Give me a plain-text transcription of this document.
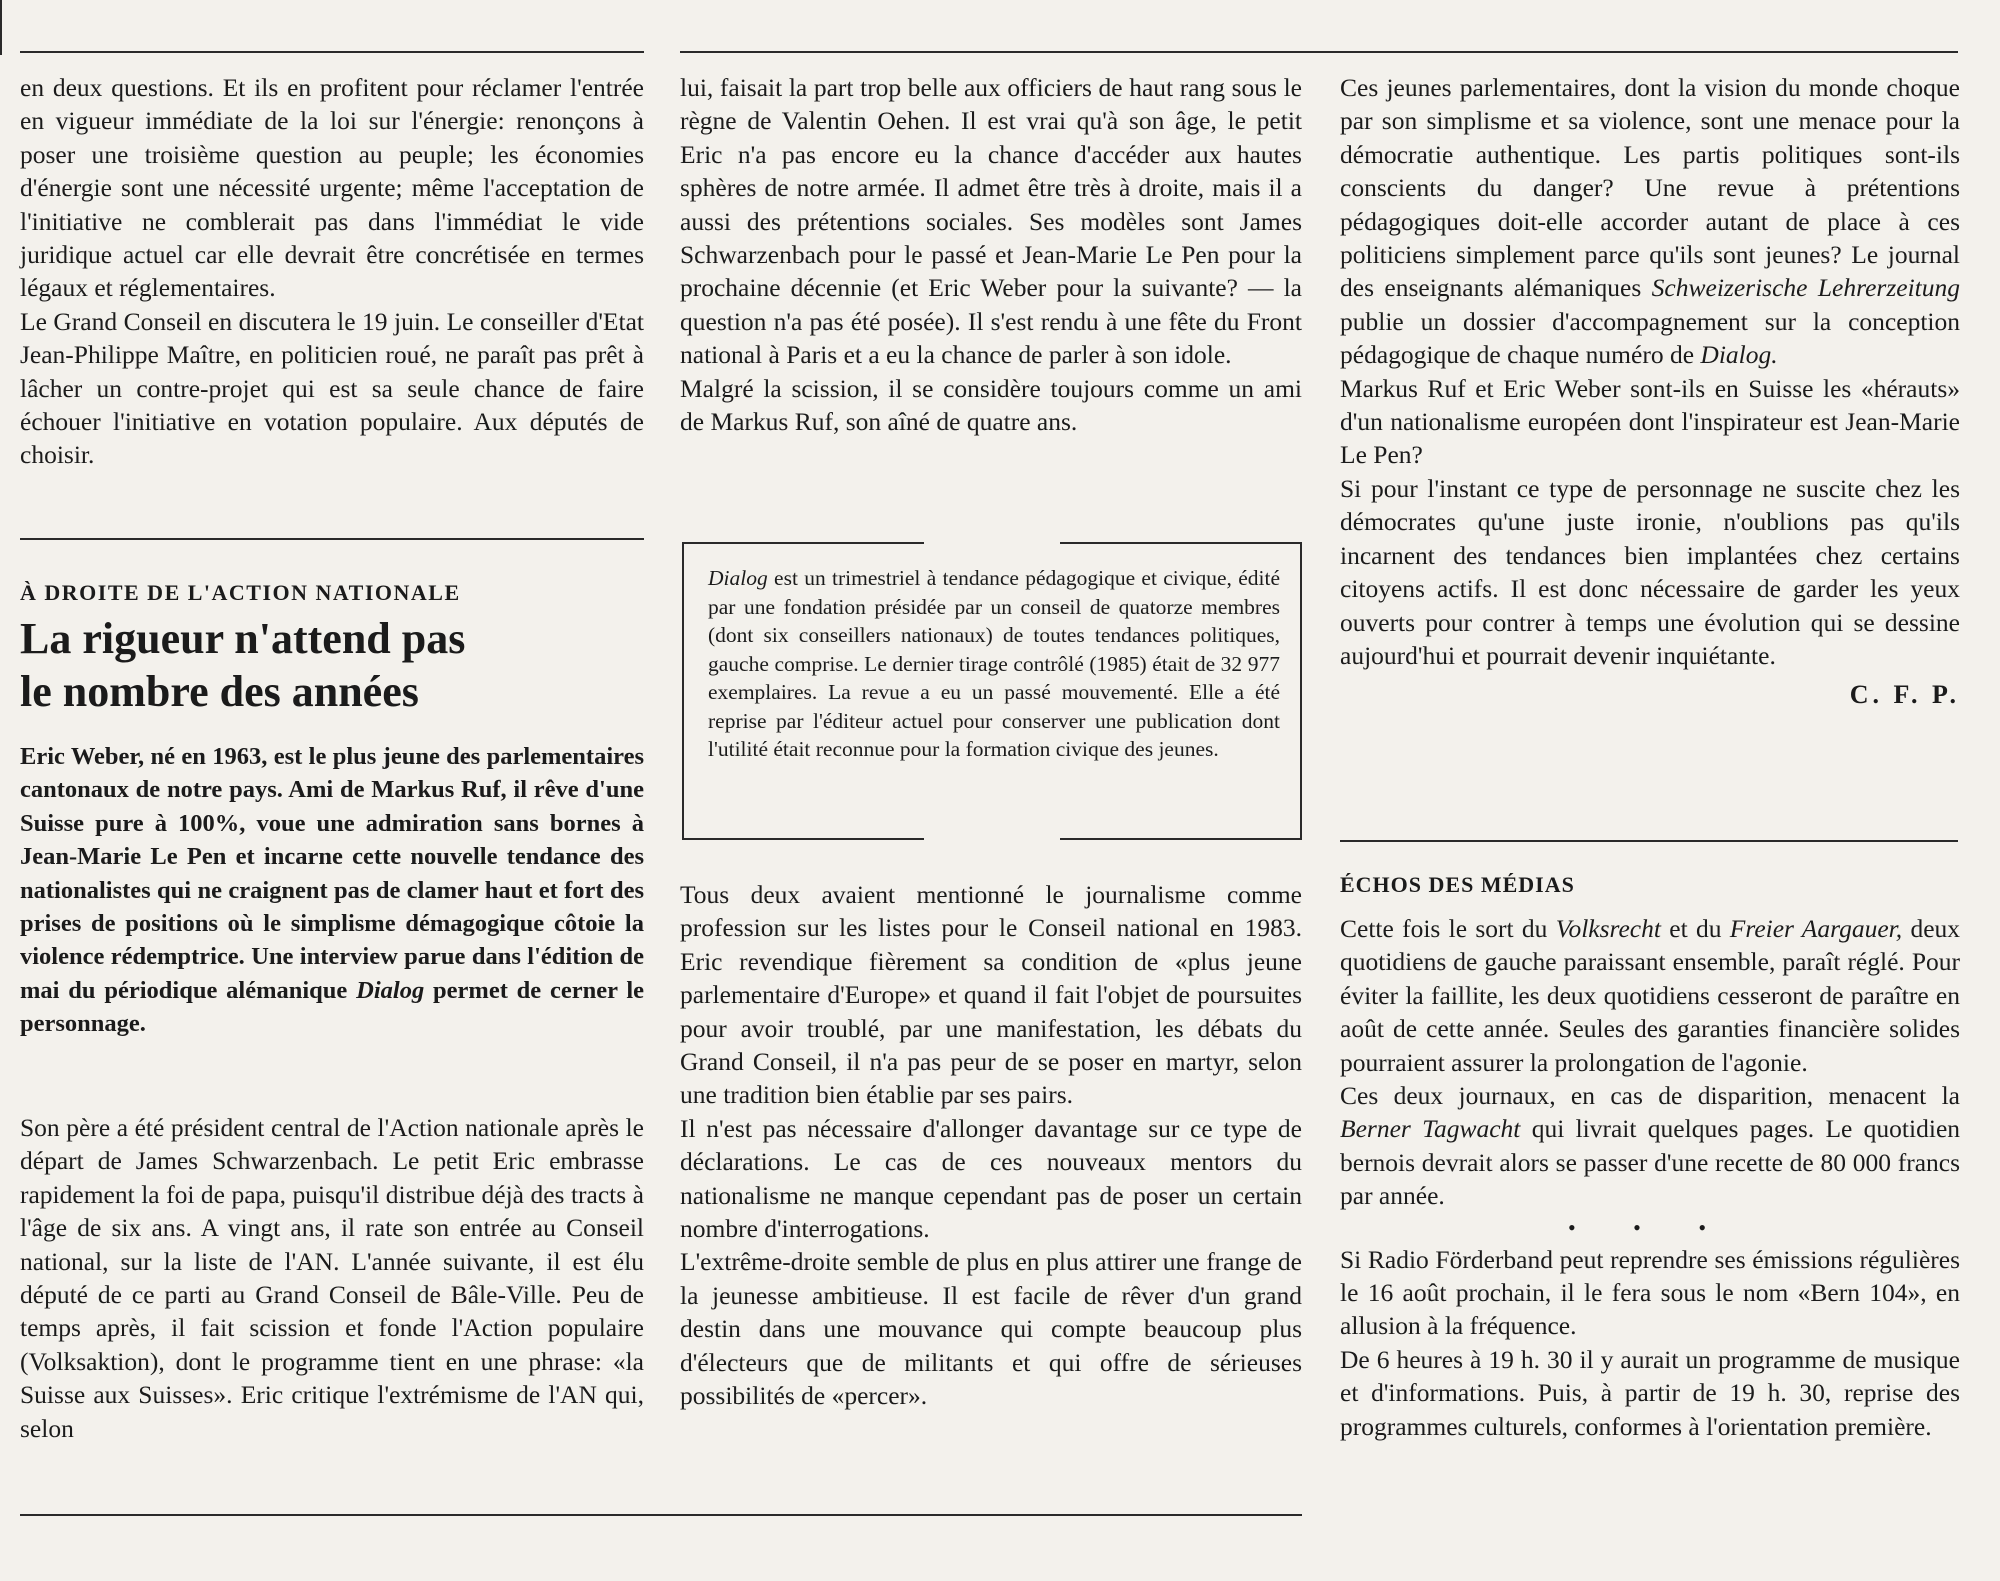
en deux questions. Et ils en profitent pour réclamer l'entrée en vigueur immédiate de la loi sur l'énergie: renonçons à poser une troisième question au peuple; les économies d'énergie sont une nécessité urgente; même l'acceptation de l'initiative ne comblerait pas dans l'immédiat le vide juridique actuel car elle devrait être concrétisée en termes légaux et réglementaires.

Le Grand Conseil en discutera le 19 juin. Le conseiller d'Etat Jean-Philippe Maître, en politicien roué, ne paraît pas prêt à lâcher un contre-projet qui est sa seule chance de faire échouer l'initiative en votation populaire. Aux députés de choisir.

À DROITE DE L'ACTION NATIONALE

La rigueur n'attend pas
le nombre des années

Eric Weber, né en 1963, est le plus jeune des parlementaires cantonaux de notre pays. Ami de Markus Ruf, il rêve d'une Suisse pure à 100%, voue une admiration sans bornes à Jean-Marie Le Pen et incarne cette nouvelle tendance des nationalistes qui ne craignent pas de clamer haut et fort des prises de positions où le simplisme démagogique côtoie la violence rédemptrice. Une interview parue dans l'édition de mai du périodique alémanique Dialog permet de cerner le personnage.

Son père a été président central de l'Action nationale après le départ de James Schwarzenbach. Le petit Eric embrasse rapidement la foi de papa, puisqu'il distribue déjà des tracts à l'âge de six ans. A vingt ans, il rate son entrée au Conseil national, sur la liste de l'AN. L'année suivante, il est élu député de ce parti au Grand Conseil de Bâle-Ville. Peu de temps après, il fait scission et fonde l'Action populaire (Volksaktion), dont le programme tient en une phrase: «la Suisse aux Suisses». Eric critique l'extrémisme de l'AN qui, selon

lui, faisait la part trop belle aux officiers de haut rang sous le règne de Valentin Oehen. Il est vrai qu'à son âge, le petit Eric n'a pas encore eu la chance d'accéder aux hautes sphères de notre armée. Il admet être très à droite, mais il a aussi des prétentions sociales. Ses modèles sont James Schwarzenbach pour le passé et Jean-Marie Le Pen pour la prochaine décennie (et Eric Weber pour la suivante? — la question n'a pas été posée). Il s'est rendu à une fête du Front national à Paris et a eu la chance de parler à son idole.

Malgré la scission, il se considère toujours comme un ami de Markus Ruf, son aîné de quatre ans.

Dialog est un trimestriel à tendance pédagogique et civique, édité par une fondation présidée par un conseil de quatorze membres (dont six conseillers nationaux) de toutes tendances politiques, gauche comprise. Le dernier tirage contrôlé (1985) était de 32 977 exemplaires. La revue a eu un passé mouvementé. Elle a été reprise par l'éditeur actuel pour conserver une publication dont l'utilité était reconnue pour la formation civique des jeunes.

Tous deux avaient mentionné le journalisme comme profession sur les listes pour le Conseil national en 1983. Eric revendique fièrement sa condition de «plus jeune parlementaire d'Europe» et quand il fait l'objet de poursuites pour avoir troublé, par une manifestation, les débats du Grand Conseil, il n'a pas peur de se poser en martyr, selon une tradition bien établie par ses pairs.

Il n'est pas nécessaire d'allonger davantage sur ce type de déclarations. Le cas de ces nouveaux mentors du nationalisme ne manque cependant pas de poser un certain nombre d'interrogations.

L'extrême-droite semble de plus en plus attirer une frange de la jeunesse ambitieuse. Il est facile de rêver d'un grand destin dans une mouvance qui compte beaucoup plus d'électeurs que de militants et qui offre de sérieuses possibilités de «percer».

Ces jeunes parlementaires, dont la vision du monde choque par son simplisme et sa violence, sont une menace pour la démocratie authentique. Les partis politiques sont-ils conscients du danger? Une revue à prétentions pédagogiques doit-elle accorder autant de place à ces politiciens simplement parce qu'ils sont jeunes? Le journal des enseignants alémaniques Schweizerische Lehrerzeitung publie un dossier d'accompagnement sur la conception pédagogique de chaque numéro de Dialog.

Markus Ruf et Eric Weber sont-ils en Suisse les «hérauts» d'un nationalisme européen dont l'inspirateur est Jean-Marie Le Pen?

Si pour l'instant ce type de personnage ne suscite chez les démocrates qu'une juste ironie, n'oublions pas qu'ils incarnent des tendances bien implantées chez certains citoyens actifs. Il est donc nécessaire de garder les yeux ouverts pour contrer à temps une évolution qui se dessine aujourd'hui et pourrait devenir inquiétante.

C. F. P.

ÉCHOS DES MÉDIAS

Cette fois le sort du Volksrecht et du Freier Aargauer, deux quotidiens de gauche paraissant ensemble, paraît réglé. Pour éviter la faillite, les deux quotidiens cesseront de paraître en août de cette année. Seules des garanties financière solides pourraient assurer la prolongation de l'agonie.

Ces deux journaux, en cas de disparition, menacent la Berner Tagwacht qui livrait quelques pages. Le quotidien bernois devrait alors se passer d'une recette de 80 000 francs par année.

• • •

Si Radio Förderband peut reprendre ses émissions régulières le 16 août prochain, il le fera sous le nom «Bern 104», en allusion à la fréquence.

De 6 heures à 19 h. 30 il y aurait un programme de musique et d'informations. Puis, à partir de 19 h. 30, reprise des programmes culturels, conformes à l'orientation première.
